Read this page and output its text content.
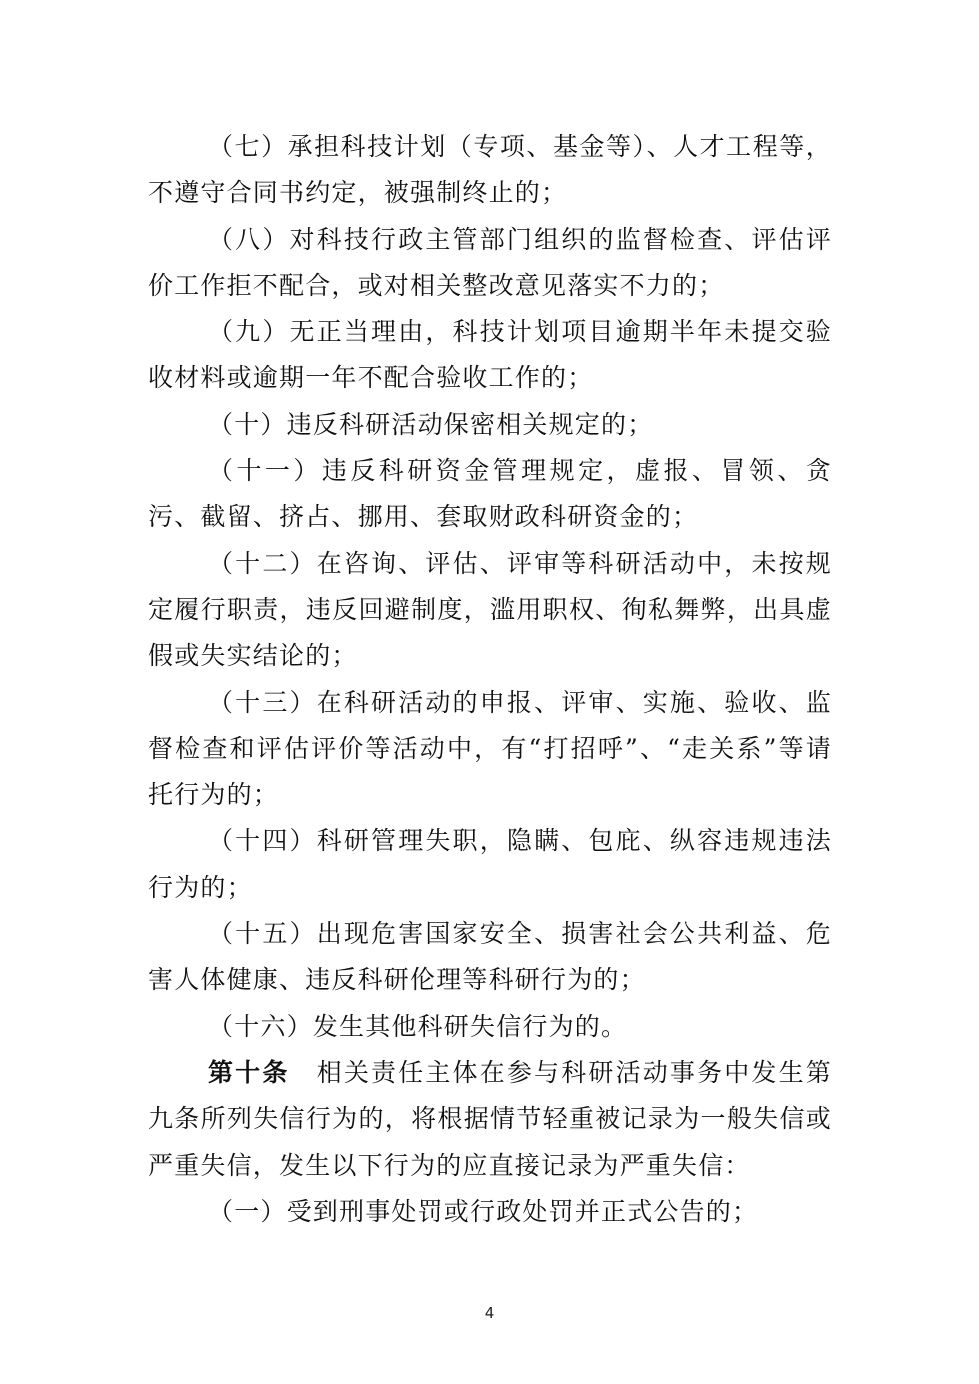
（七）承担科技计划（专项、基金等）、人才工程等，不遵守合同书约定，被强制终止的；

（八）对科技行政主管部门组织的监督检查、评估评价工作拒不配合，或对相关整改意见落实不力的；

（九）无正当理由，科技计划项目逾期半年未提交验收材料或逾期一年不配合验收工作的；

（十）违反科研活动保密相关规定的；

（十一）违反科研资金管理规定，虚报、冒领、贪污、截留、挤占、挪用、套取财政科研资金的；

（十二）在咨询、评估、评审等科研活动中，未按规定履行职责，违反回避制度，滥用职权、徇私舞弊，出具虚假或失实结论的；

（十三）在科研活动的申报、评审、实施、验收、监督检查和评估评价等活动中，有“打招呼”、“走关系”等请托行为的；

（十四）科研管理失职，隐瞒、包庇、纵容违规违法行为的；

（十五）出现危害国家安全、损害社会公共利益、危害人体健康、违反科研伦理等科研行为的；

（十六）发生其他科研失信行为的。

第十条　相关责任主体在参与科研活动事务中发生第九条所列失信行为的，将根据情节轻重被记录为一般失信或严重失信，发生以下行为的应直接记录为严重失信：

（一）受到刑事处罚或行政处罚并正式公告的；

4
